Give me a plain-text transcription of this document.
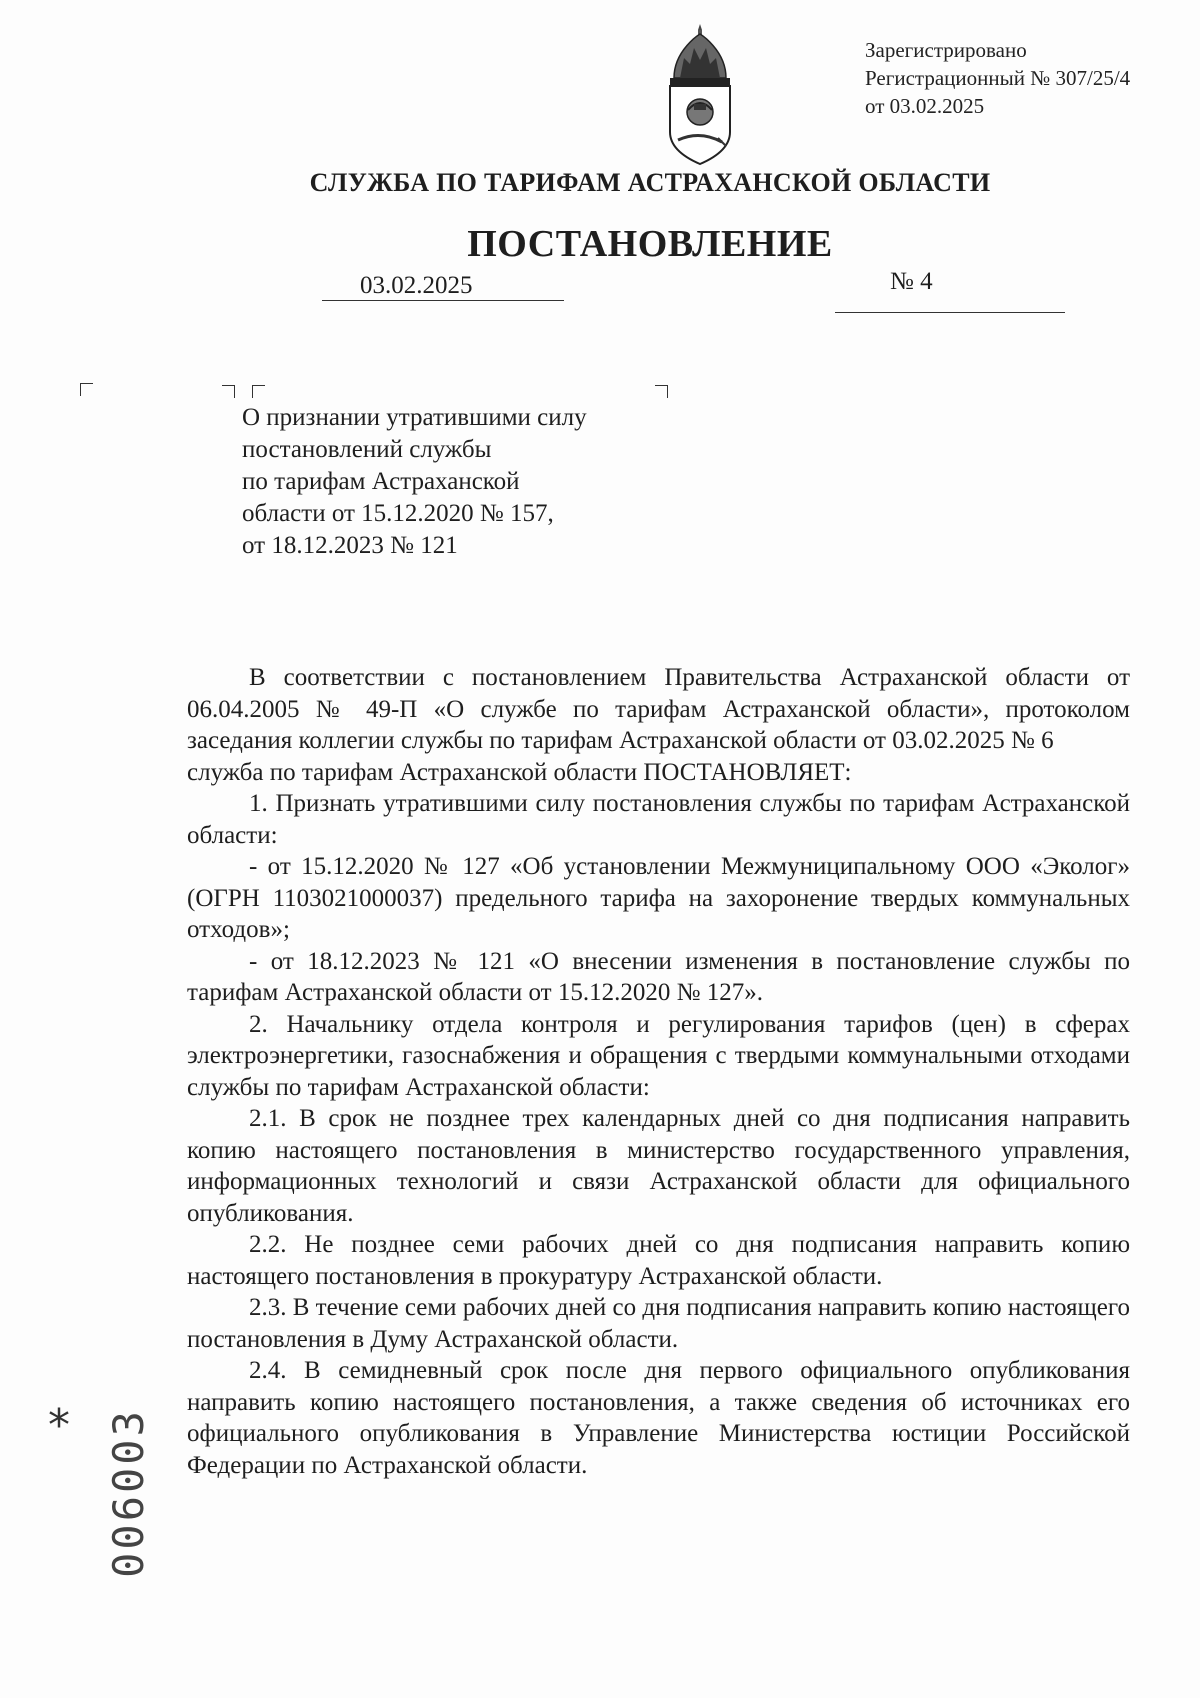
Зарегистрировано
Регистрационный № 307/25/4
от 03.02.2025
СЛУЖБА ПО ТАРИФАМ АСТРАХАНСКОЙ ОБЛАСТИ
ПОСТАНОВЛЕНИЕ
03.02.2025	№ 4
О признании утратившими силу
постановлений службы
по тарифам Астраханской
области от 15.12.2020 № 157,
от 18.12.2023 № 121

В соответствии с постановлением Правительства Астраханской области от 06.04.2005 № 49-П «О службе по тарифам Астраханской области», протоколом заседания коллегии службы по тарифам Астраханской области от 03.02.2025 № 6

служба по тарифам Астраханской области ПОСТАНОВЛЯЕТ:

1. Признать утратившими силу постановления службы по тарифам Астраханской области:

- от 15.12.2020 № 127 «Об установлении Межмуниципальному ООО «Эколог» (ОГРН 1103021000037) предельного тарифа на захоронение твердых коммунальных отходов»;

- от 18.12.2023 № 121 «О внесении изменения в постановление службы по тарифам Астраханской области от 15.12.2020 № 127».

2. Начальнику отдела контроля и регулирования тарифов (цен) в сферах электроэнергетики, газоснабжения и обращения с твердыми коммунальными отходами службы по тарифам Астраханской области:

2.1. В срок не позднее трех календарных дней со дня подписания направить копию настоящего постановления в министерство государственного управления, информационных технологий и связи Астраханской области для официального опубликования.

2.2. Не позднее семи рабочих дней со дня подписания направить копию настоящего постановления в прокуратуру Астраханской области.

2.3. В течение семи рабочих дней со дня подписания направить копию настоящего постановления в Думу Астраханской области.

2.4. В семидневный срок после дня первого официального опубликования направить копию настоящего постановления, а также сведения об источниках его официального опубликования в Управление Министерства юстиции Российской Федерации по Астраханской области.

* 006003
